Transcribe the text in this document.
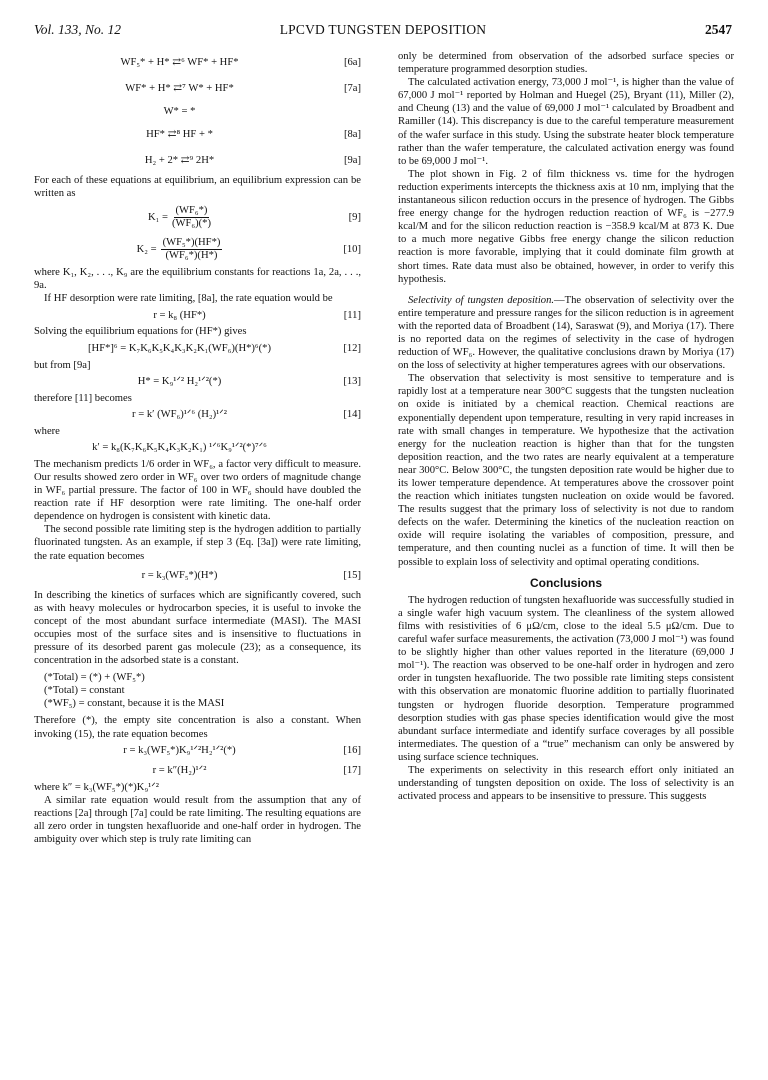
Vol. 133, No. 12	LPCVD TUNGSTEN DEPOSITION	2547
WF₅* + H* ⇄⁶ WF* + HF*	[6a]
WF* + H* ⇄⁷ W* + HF*	[7a]
W* = *
HF* ⇄⁸ HF + *	[8a]
H₂ + 2* ⇄⁹ 2H*	[9a]

For each of these equations at equilibrium, an equilibrium expression can be written as

$K_1 = \frac{\text{(WF₆*)}}{\text{(WF₆)(*)}}$	[9]
$K_2 = \frac{\text{(WF₅*)(HF*)}}{\text{(WF₆*)(H*)}}$	[10]

where K₁, K₂, . . ., K₉ are the equilibrium constants for reactions 1a, 2a, . . ., 9a.

If HF desorption were rate limiting, [8a], the rate equation would be

r = k₈ (HF*)	[11]

Solving the equilibrium equations for (HF*) gives

[HF*]⁶ = K₇K₆K₅K₄K₃K₂K₁(WF₆)(H*)⁶(*)	[12]

but from [9a]

H* = K₉¹ᐟ² H₂¹ᐟ²(*)	[13]

therefore [11] becomes

r = k′ (WF₆)¹ᐟ⁶ (H₂)¹ᐟ²	[14]

where

k′ = k₈(K₇K₆K₅K₄K₃K₂K₁) ¹ᐟ⁶K₉¹ᐟ²(*)⁷ᐟ⁶

The mechanism predicts 1/6 order in WF₆, a factor very difficult to measure. Our results showed zero order in WF₆ over two orders of magnitude change in WF₆ partial pressure. The factor of 100 in WF₆ should have doubled the reaction rate if HF desorption were rate limiting. The one-half order dependence on hydrogen is consistent with kinetic data.

The second possible rate limiting step is the hydrogen addition to partially fluorinated tungsten. As an example, if step 3 (Eq. [3a]) were rate limiting, the rate equation becomes

r = k₃(WF₅*)(H*)	[15]

In describing the kinetics of surfaces which are significantly covered, such as with heavy molecules or hydrocarbon species, it is useful to invoke the concept of the most abundant surface intermediate (MASI). The MASI occupies most of the surface sites and is insensitive to fluctuations in pressure of its desorbed parent gas molecule (23); as a consequence, its concentration in the adsorbed state is a constant.

(*Total) = (*) + (WF₅*)
(*Total) = constant
(*WF₅) = constant, because it is the MASI

Therefore (*), the empty site concentration is also a constant. When invoking (15), the rate equation becomes

r = k₃(WF₅*)K₉¹ᐟ²H₂¹ᐟ²(*)	[16]
r = k″(H₂)¹ᐟ²	[17]

where k″ = k₃(WF₅*)(*)K₉¹ᐟ²

A similar rate equation would result from the assumption that any of reactions [2a] through [7a] could be rate limiting. The resulting equations are all zero order in tungsten hexafluoride and one-half order in hydrogen. The ambiguity over which step is truly rate limiting can

only be determined from observation of the adsorbed surface species or temperature programmed desorption studies.

The calculated activation energy, 73,000 J mol⁻¹, is higher than the value of 67,000 J mol⁻¹ reported by Holman and Huegel (25), Bryant (11), Miller (2), and Cheung (13) and the value of 69,000 J mol⁻¹ calculated by Broadbent and Ramiller (14). This discrepancy is due to the careful temperature measurement of the wafer surface in this study. Using the substrate heater block temperature rather than the wafer temperature, the calculated activation energy was found to be 69,000 J mol⁻¹.

The plot shown in Fig. 2 of film thickness vs. time for the hydrogen reduction experiments intercepts the thickness axis at 10 nm, implying that the instantaneous silicon reduction occurs in the presence of hydrogen. The Gibbs free energy change for the hydrogen reduction reaction of WF₆ is −277.9 kcal/M and for the silicon reduction reaction is −358.9 kcal/M at 873 K. Due to a much more negative Gibbs free energy change the silicon reduction reaction is more favorable, implying that it could dominate film growth at short times. Rate data must also be obtained, however, in order to verify this hypothesis.

Selectivity of tungsten deposition.—The observation of selectivity over the entire temperature and pressure ranges for the silicon reduction is in agreement with the reported data of Broadbent (14), Saraswat (9), and Moriya (17). There is no reported data on the regimes of selectivity in the case of hydrogen reduction of WF₆. However, the qualitative conclusions drawn by Moriya (17) on the loss of selectivity at higher temperatures agrees with our observations.

The observation that selectivity is most sensitive to temperature and is rapidly lost at a temperature near 300°C suggests that the tungsten nucleation on oxide is initiated by a chemical reaction. Chemical reactions are exponentially dependent upon temperature, resulting in very rapid increases in rate with small changes in temperature. We hypothesize that the activation energy for the nucleation reaction is higher than that for the tungsten deposition reaction, and the two rates are nearly equivalent at a temperature near 300°C. Below 300°C, the tungsten deposition rate would be higher due to its lower temperature dependence. At temperatures above the crossover point the reaction which initiates tungsten nucleation on oxide would be favored. The results suggest that the primary loss of selectivity is not due to random defects on the wafer. Determining the kinetics of the nucleation reaction on oxide will require isolating the variables of composition, pressure, and temperature, and then counting nuclei as a function of time. It will then be possible to explain loss of selectivity and optimal operating conditions.

Conclusions

The hydrogen reduction of tungsten hexafluoride was successfully studied in a single wafer high vacuum system. The cleanliness of the system allowed films with resistivities of 6 μΩ/cm, close to the ideal 5.5 μΩ/cm. Due to careful wafer surface measurements, the activation (73,000 J mol⁻¹) was found to be slightly higher than other values reported in the literature (69,000 J mol⁻¹). The reaction was observed to be one-half order in hydrogen and zero order in tungsten hexafluoride. The two possible rate limiting steps consistent with this observation are monatomic fluorine addition to partially fluorinated tungsten or hydrogen fluoride desorption. Temperature programmed desorption studies with gas phase species identification would give the most abundant surface intermediate and identify surface coverages by all possible intermediates. The question of a “true” mechanism can only be answered by using surface science techniques.

The experiments on selectivity in this research effort only initiated an understanding of tungsten deposition on oxide. The loss of selectivity is an activated process and appears to be insensitive to pressure. This suggests
